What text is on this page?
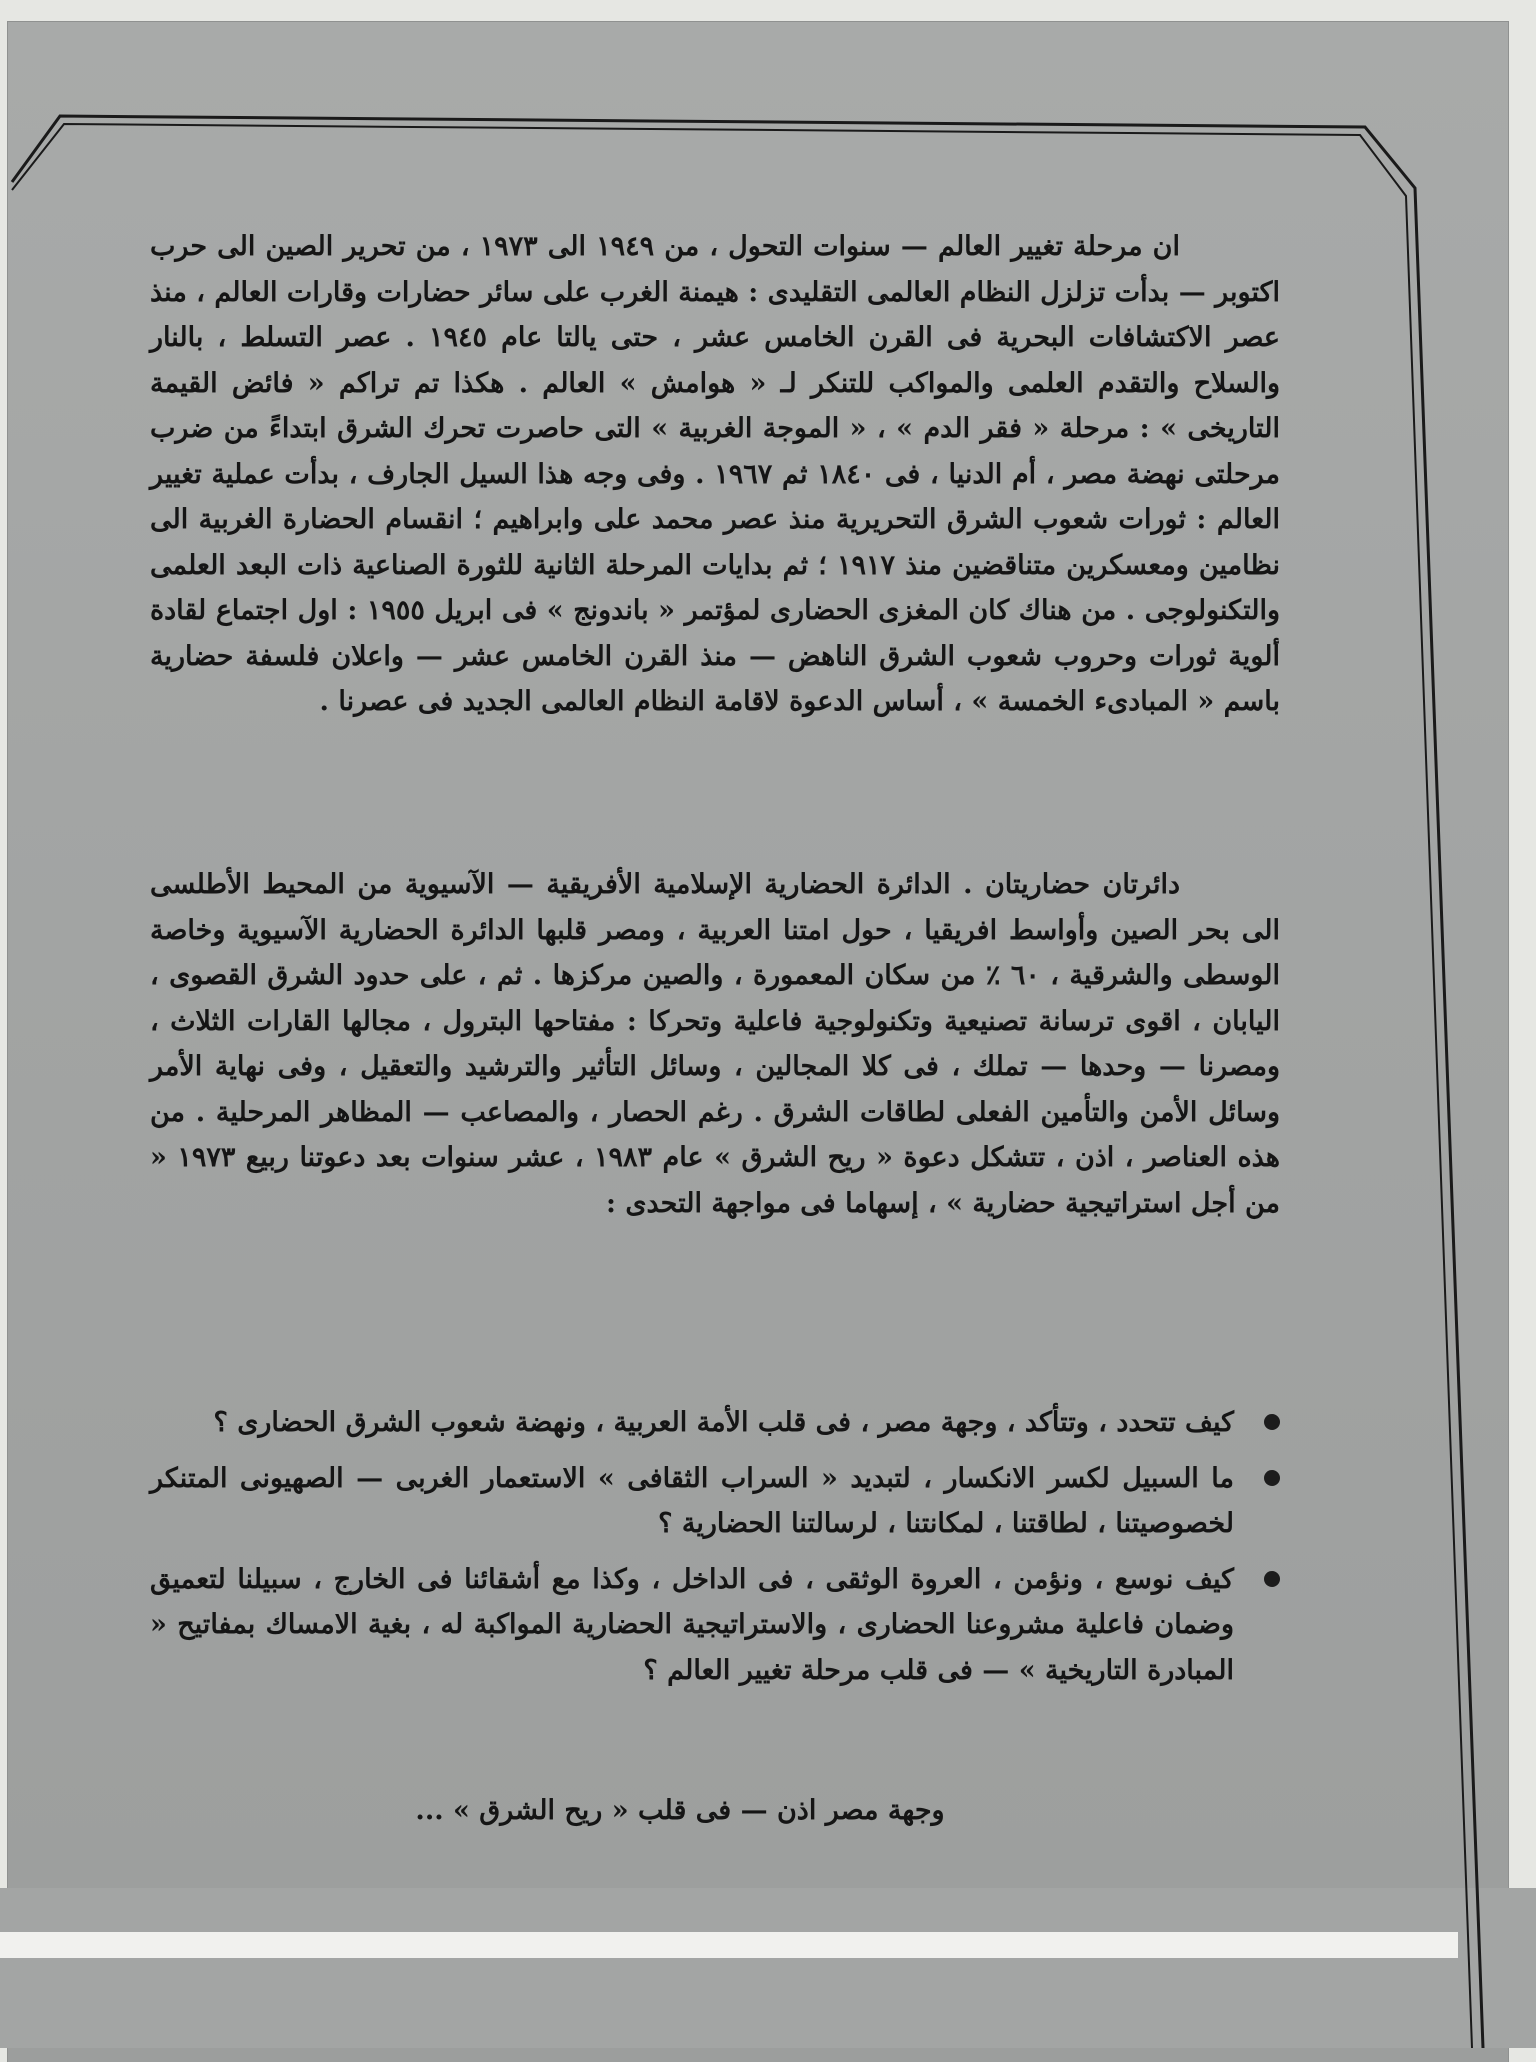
ان مرحلة تغيير العالم — سنوات التحول ، من ١٩٤٩ الى ١٩٧٣ ، من تحرير الصين الى حرب اكتوبر — بدأت تزلزل النظام العالمى التقليدى : هيمنة الغرب على سائر حضارات وقارات العالم ، منذ عصر الاكتشافات البحرية فى القرن الخامس عشر ، حتى يالتا عام ١٩٤٥ . عصر التسلط ، بالنار والسلاح والتقدم العلمى والمواكب للتنكر لـ « هوامش » العالم . هكذا تم تراكم « فائض القيمة التاريخى » : مرحلة « فقر الدم » ، « الموجة الغربية » التى حاصرت تحرك الشرق ابتداءً من ضرب مرحلتى نهضة مصر ، أم الدنيا ، فى ١٨٤٠ ثم ١٩٦٧ . وفى وجه هذا السيل الجارف ، بدأت عملية تغيير العالم : ثورات شعوب الشرق التحريرية منذ عصر محمد على وابراهيم ؛ انقسام الحضارة الغربية الى نظامين ومعسكرين متناقضين منذ ١٩١٧ ؛ ثم بدايات المرحلة الثانية للثورة الصناعية ذات البعد العلمى والتكنولوجى . من هناك كان المغزى الحضارى لمؤتمر « باندونج » فى ابريل ١٩٥٥ : اول اجتماع لقادة ألوية ثورات وحروب شعوب الشرق الناهض — منذ القرن الخامس عشر — واعلان فلسفة حضارية باسم « المبادىء الخمسة » ، أساس الدعوة لاقامة النظام العالمى الجديد فى عصرنا .

دائرتان حضاريتان . الدائرة الحضارية الإسلامية الأفريقية — الآسيوية من المحيط الأطلسى الى بحر الصين وأواسط افريقيا ، حول امتنا العربية ، ومصر قلبها الدائرة الحضارية الآسيوية وخاصة الوسطى والشرقية ، ٦٠ ٪ من سكان المعمورة ، والصين مركزها . ثم ، على حدود الشرق القصوى ، اليابان ، اقوى ترسانة تصنيعية وتكنولوجية فاعلية وتحركا : مفتاحها البترول ، مجالها القارات الثلاث ، ومصرنا — وحدها — تملك ، فى كلا المجالين ، وسائل التأثير والترشيد والتعقيل ، وفى نهاية الأمر وسائل الأمن والتأمين الفعلى لطاقات الشرق . رغم الحصار ، والمصاعب — المظاهر المرحلية . من هذه العناصر ، اذن ، تتشكل دعوة « ريح الشرق » عام ١٩٨٣ ، عشر سنوات بعد دعوتنا ربيع ١٩٧٣ « من أجل استراتيجية حضارية » ، إسهاما فى مواجهة التحدى :

كيف تتحدد ، وتتأكد ، وجهة مصر ، فى قلب الأمة العربية ، ونهضة شعوب الشرق الحضارى ؟
ما السبيل لكسر الانكسار ، لتبديد « السراب الثقافى » الاستعمار الغربى — الصهيونى المتنكر لخصوصيتنا ، لطاقتنا ، لمكانتنا ، لرسالتنا الحضارية ؟
كيف نوسع ، ونؤمن ، العروة الوثقى ، فى الداخل ، وكذا مع أشقائنا فى الخارج ، سبيلنا لتعميق وضمان فاعلية مشروعنا الحضارى ، والاستراتيجية الحضارية المواكبة له ، بغية الامساك بمفاتيح « المبادرة التاريخية » — فى قلب مرحلة تغيير العالم ؟
وجهة مصر اذن — فى قلب « ريح الشرق » ...
